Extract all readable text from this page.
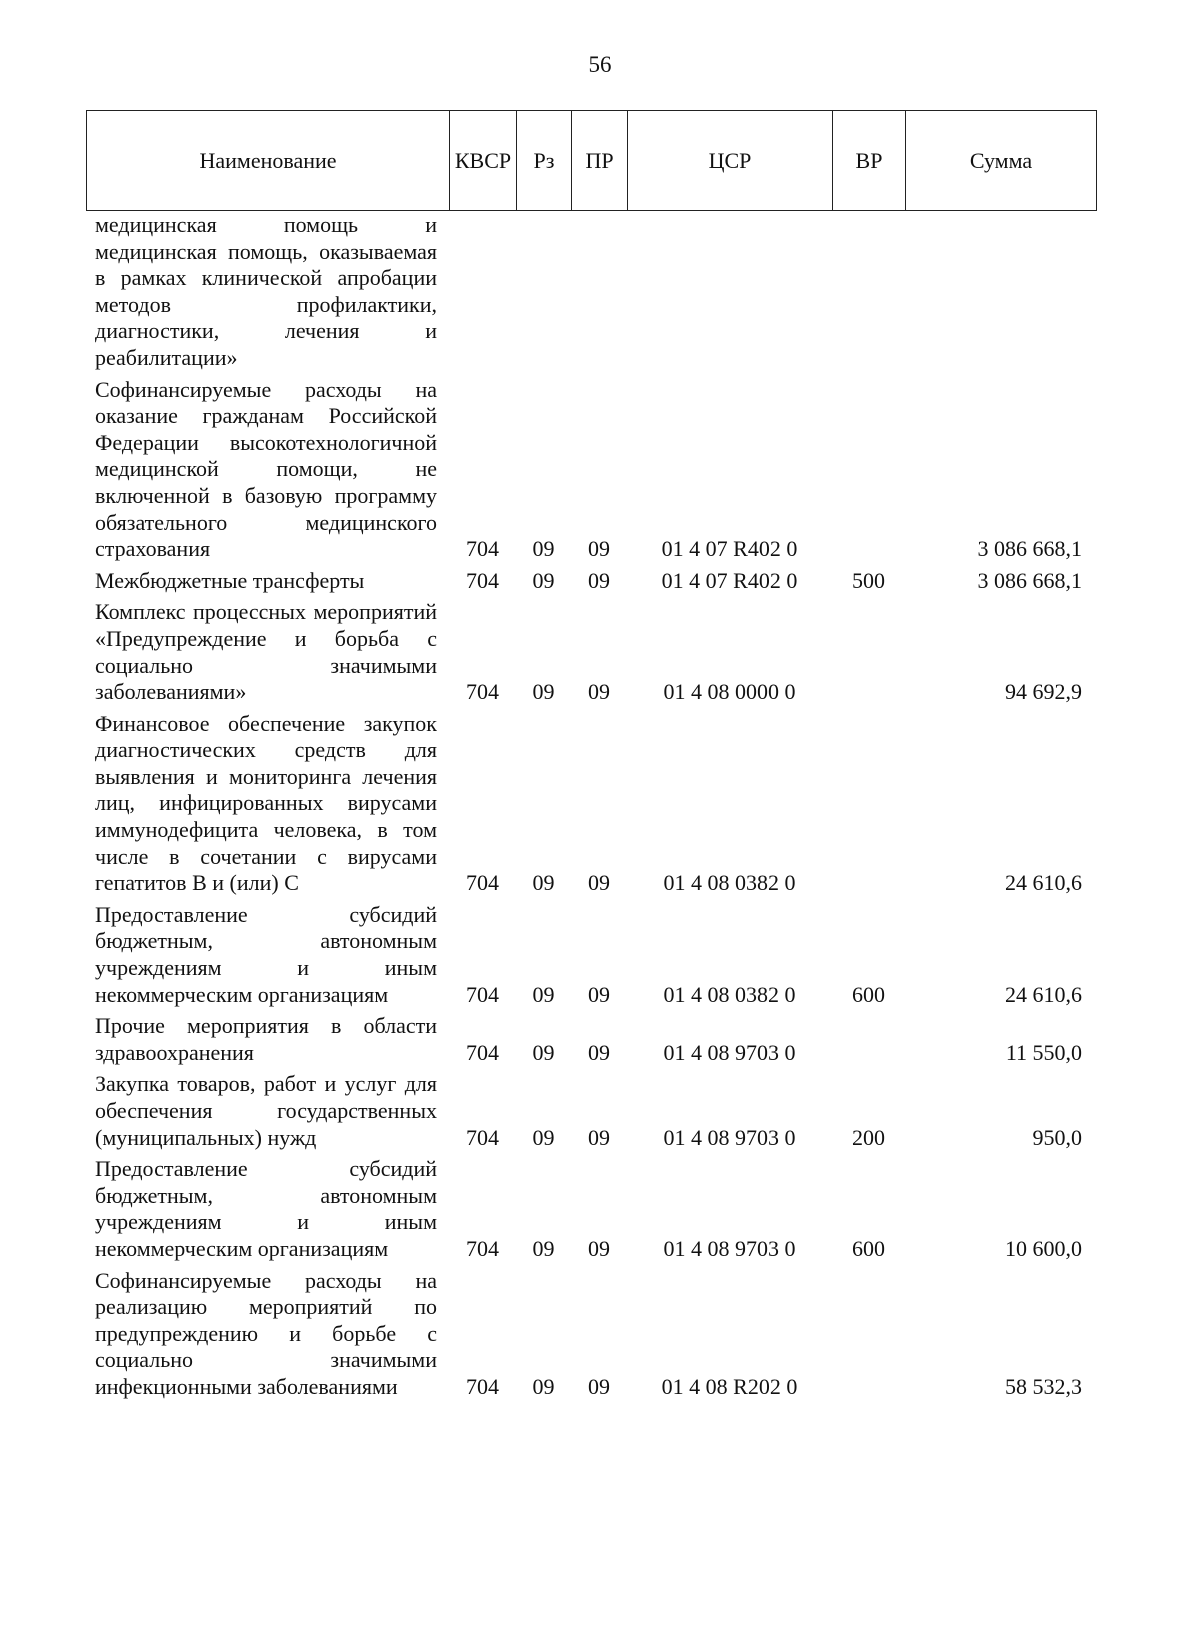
56
Наименование	КВСР	Рз	ПР	ЦСР	ВР	Сумма
медицинская помощь и медицинская помощь, оказываемая в рамках клинической апробации методов профилактики, диагностики, лечения и реабилитации»						
Софинансируемые расходы на оказание гражданам Российской Федерации высокотехнологичной медицинской помощи, не включенной в базовую программу обязательного медицинского страхования	704	09	09	01 4 07 R402 0		3 086 668,1
Межбюджетные трансферты	704	09	09	01 4 07 R402 0	500	3 086 668,1
Комплекс процессных мероприятий «Предупреждение и борьба с социально значимыми заболеваниями»	704	09	09	01 4 08 0000 0		94 692,9
Финансовое обеспечение закупок диагностических средств для выявления и мониторинга лечения лиц, инфицированных вирусами иммунодефицита человека, в том числе в сочетании с вирусами гепатитов В и (или) С	704	09	09	01 4 08 0382 0		24 610,6
Предоставление субсидий бюджетным, автономным учреждениям и иным некоммерческим организациям	704	09	09	01 4 08 0382 0	600	24 610,6
Прочие мероприятия в области здравоохранения	704	09	09	01 4 08 9703 0		11 550,0
Закупка товаров, работ и услуг для обеспечения государственных (муниципальных) нужд	704	09	09	01 4 08 9703 0	200	950,0
Предоставление субсидий бюджетным, автономным учреждениям и иным некоммерческим организациям	704	09	09	01 4 08 9703 0	600	10 600,0
Софинансируемые расходы на реализацию мероприятий по предупреждению и борьбе с социально значимыми инфекционными заболеваниями	704	09	09	01 4 08 R202 0		58 532,3
